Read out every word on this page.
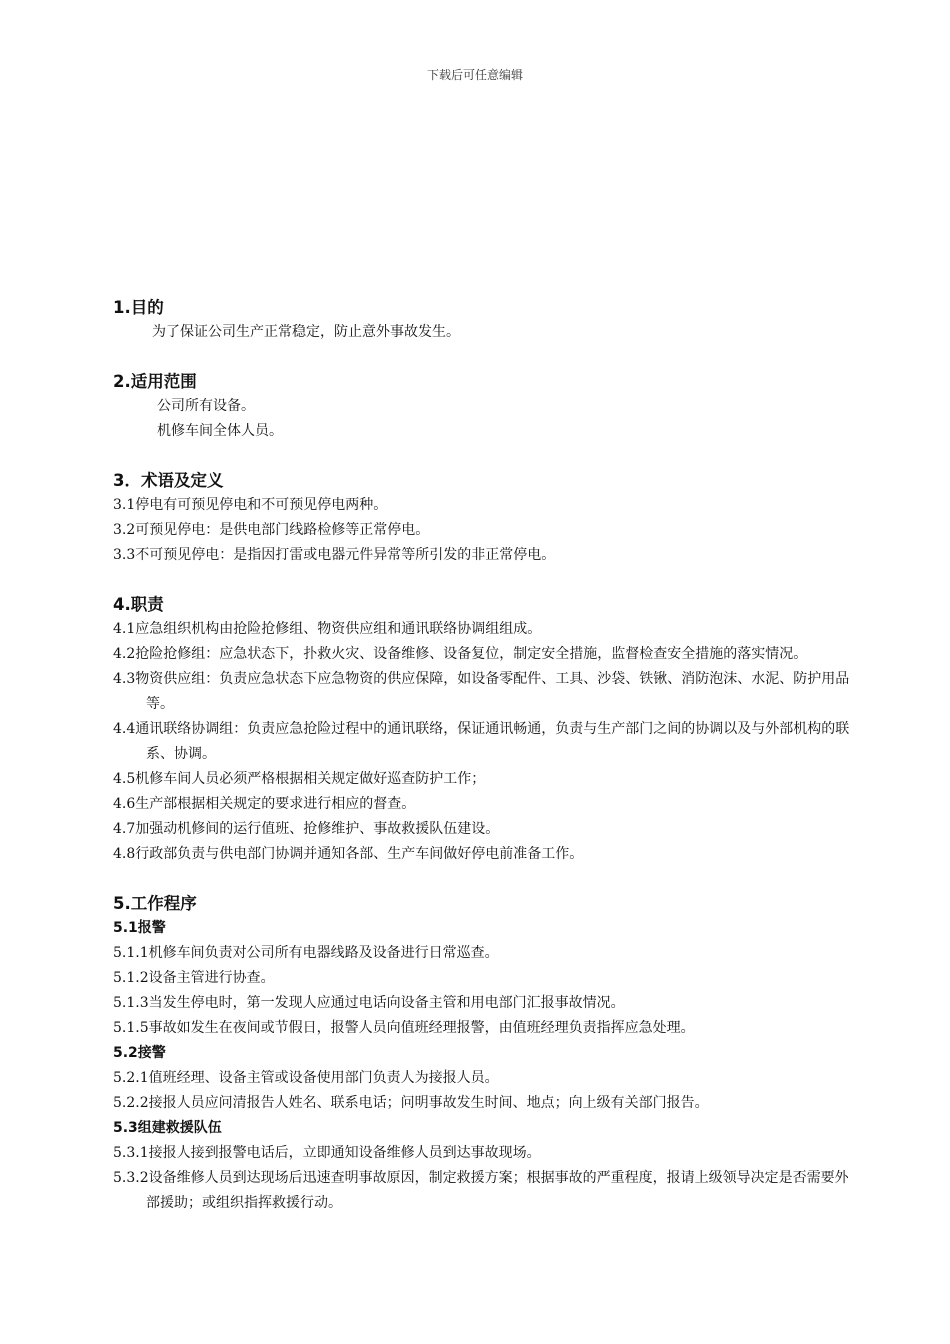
下载后可任意编辑

1.目的

为了保证公司生产正常稳定，防止意外事故发生。

2.适用范围

公司所有设备。

机修车间全体人员。

3．术语及定义

3.1停电有可预见停电和不可预见停电两种。

3.2可预见停电：是供电部门线路检修等正常停电。

3.3不可预见停电：是指因打雷或电器元件异常等所引发的非正常停电。

4.职责

4.1应急组织机构由抢险抢修组、物资供应组和通讯联络协调组组成。

4.2抢险抢修组：应急状态下，扑救火灾、设备维修、设备复位，制定安全措施，监督检查安全措施的落实情况。

4.3物资供应组：负责应急状态下应急物资的供应保障，如设备零配件、工具、沙袋、铁锹、消防泡沫、水泥、防护用品等。

4.4通讯联络协调组：负责应急抢险过程中的通讯联络，保证通讯畅通，负责与生产部门之间的协调以及与外部机构的联系、协调。

4.5机修车间人员必须严格根据相关规定做好巡查防护工作；

4.6生产部根据相关规定的要求进行相应的督查。

4.7加强动机修间的运行值班、抢修维护、事故救援队伍建设。

4.8行政部负责与供电部门协调并通知各部、生产车间做好停电前准备工作。

5.工作程序

5.1报警

5.1.1机修车间负责对公司所有电器线路及设备进行日常巡查。

5.1.2设备主管进行协查。

5.1.3当发生停电时，第一发现人应通过电话向设备主管和用电部门汇报事故情况。

5.1.5事故如发生在夜间或节假日，报警人员向值班经理报警，由值班经理负责指挥应急处理。

5.2接警

5.2.1值班经理、设备主管或设备使用部门负责人为接报人员。

5.2.2接报人员应问清报告人姓名、联系电话；问明事故发生时间、地点；向上级有关部门报告。

5.3组建救援队伍

5.3.1接报人接到报警电话后，立即通知设备维修人员到达事故现场。

5.3.2设备维修人员到达现场后迅速查明事故原因，制定救援方案；根据事故的严重程度，报请上级领导决定是否需要外部援助；或组织指挥救援行动。
